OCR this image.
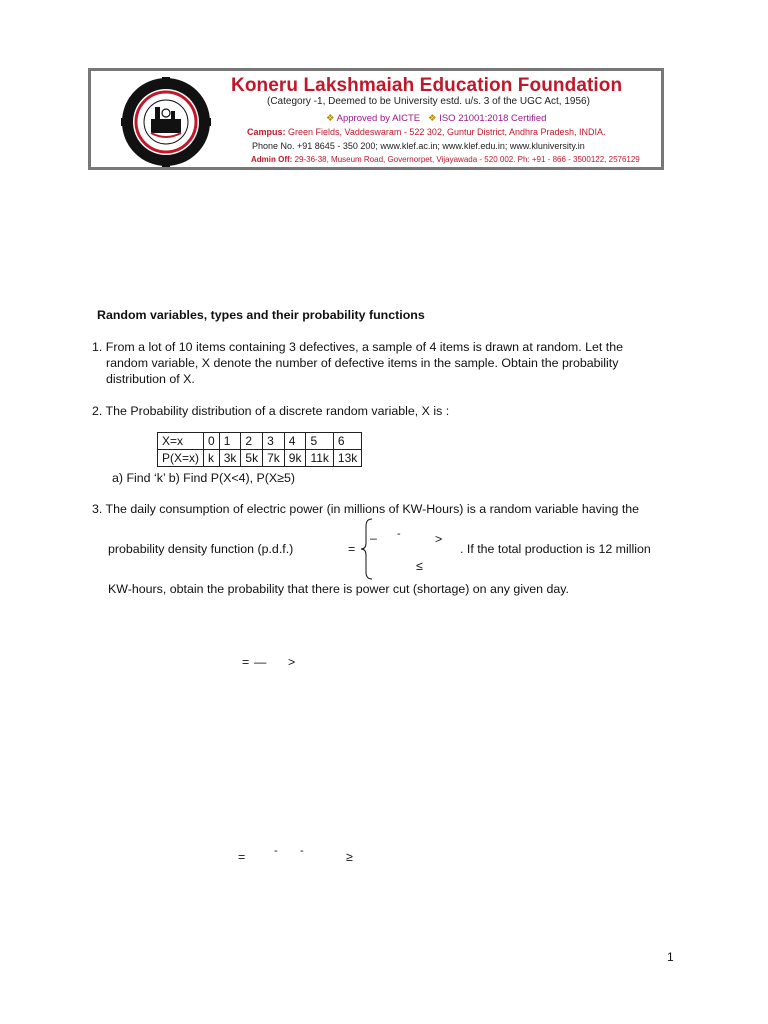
Koneru Lakshmaiah Education Foundation
(Category -1, Deemed to be University estd. u/s. 3 of the UGC Act, 1956)
❖ Approved by AICTE ❖ ISO 21001:2018 Certified
Campus: Green Fields, Vaddeswaram - 522 302, Guntur District, Andhra Pradesh, INDIA.
Phone No. +91 8645 - 350 200; www.klef.ac.in; www.klef.edu.in; www.kluniversity.in
Admin Off: 29-36-38, Museum Road, Governorpet, Vijayawada - 520 002. Ph: +91 - 866 - 3500122, 2576129
Random variables, types and their probability functions
1. From a lot of 10 items containing 3 defectives, a sample of 4 items is drawn at random. Let the
random variable, X denote the number of defective items in the sample. Obtain the probability
distribution of X.
2. The Probability distribution of a discrete random variable, X is :
X=x	0	1	2	3	4	5	6
P(X=x)	k	3k	5k	7k	9k	11k	13k
a) Find ‘k’ b) Find P(X<4), P(X≥5)
3. The daily consumption of electric power (in millions of KW-Hours) is a random variable having the
probability density function (p.d.f.)	=
– -	>
≤
. If the total production is 12 million
KW-hours, obtain the probability that there is power cut (shortage) on any given day.
= — >
=	- -	≥
1
